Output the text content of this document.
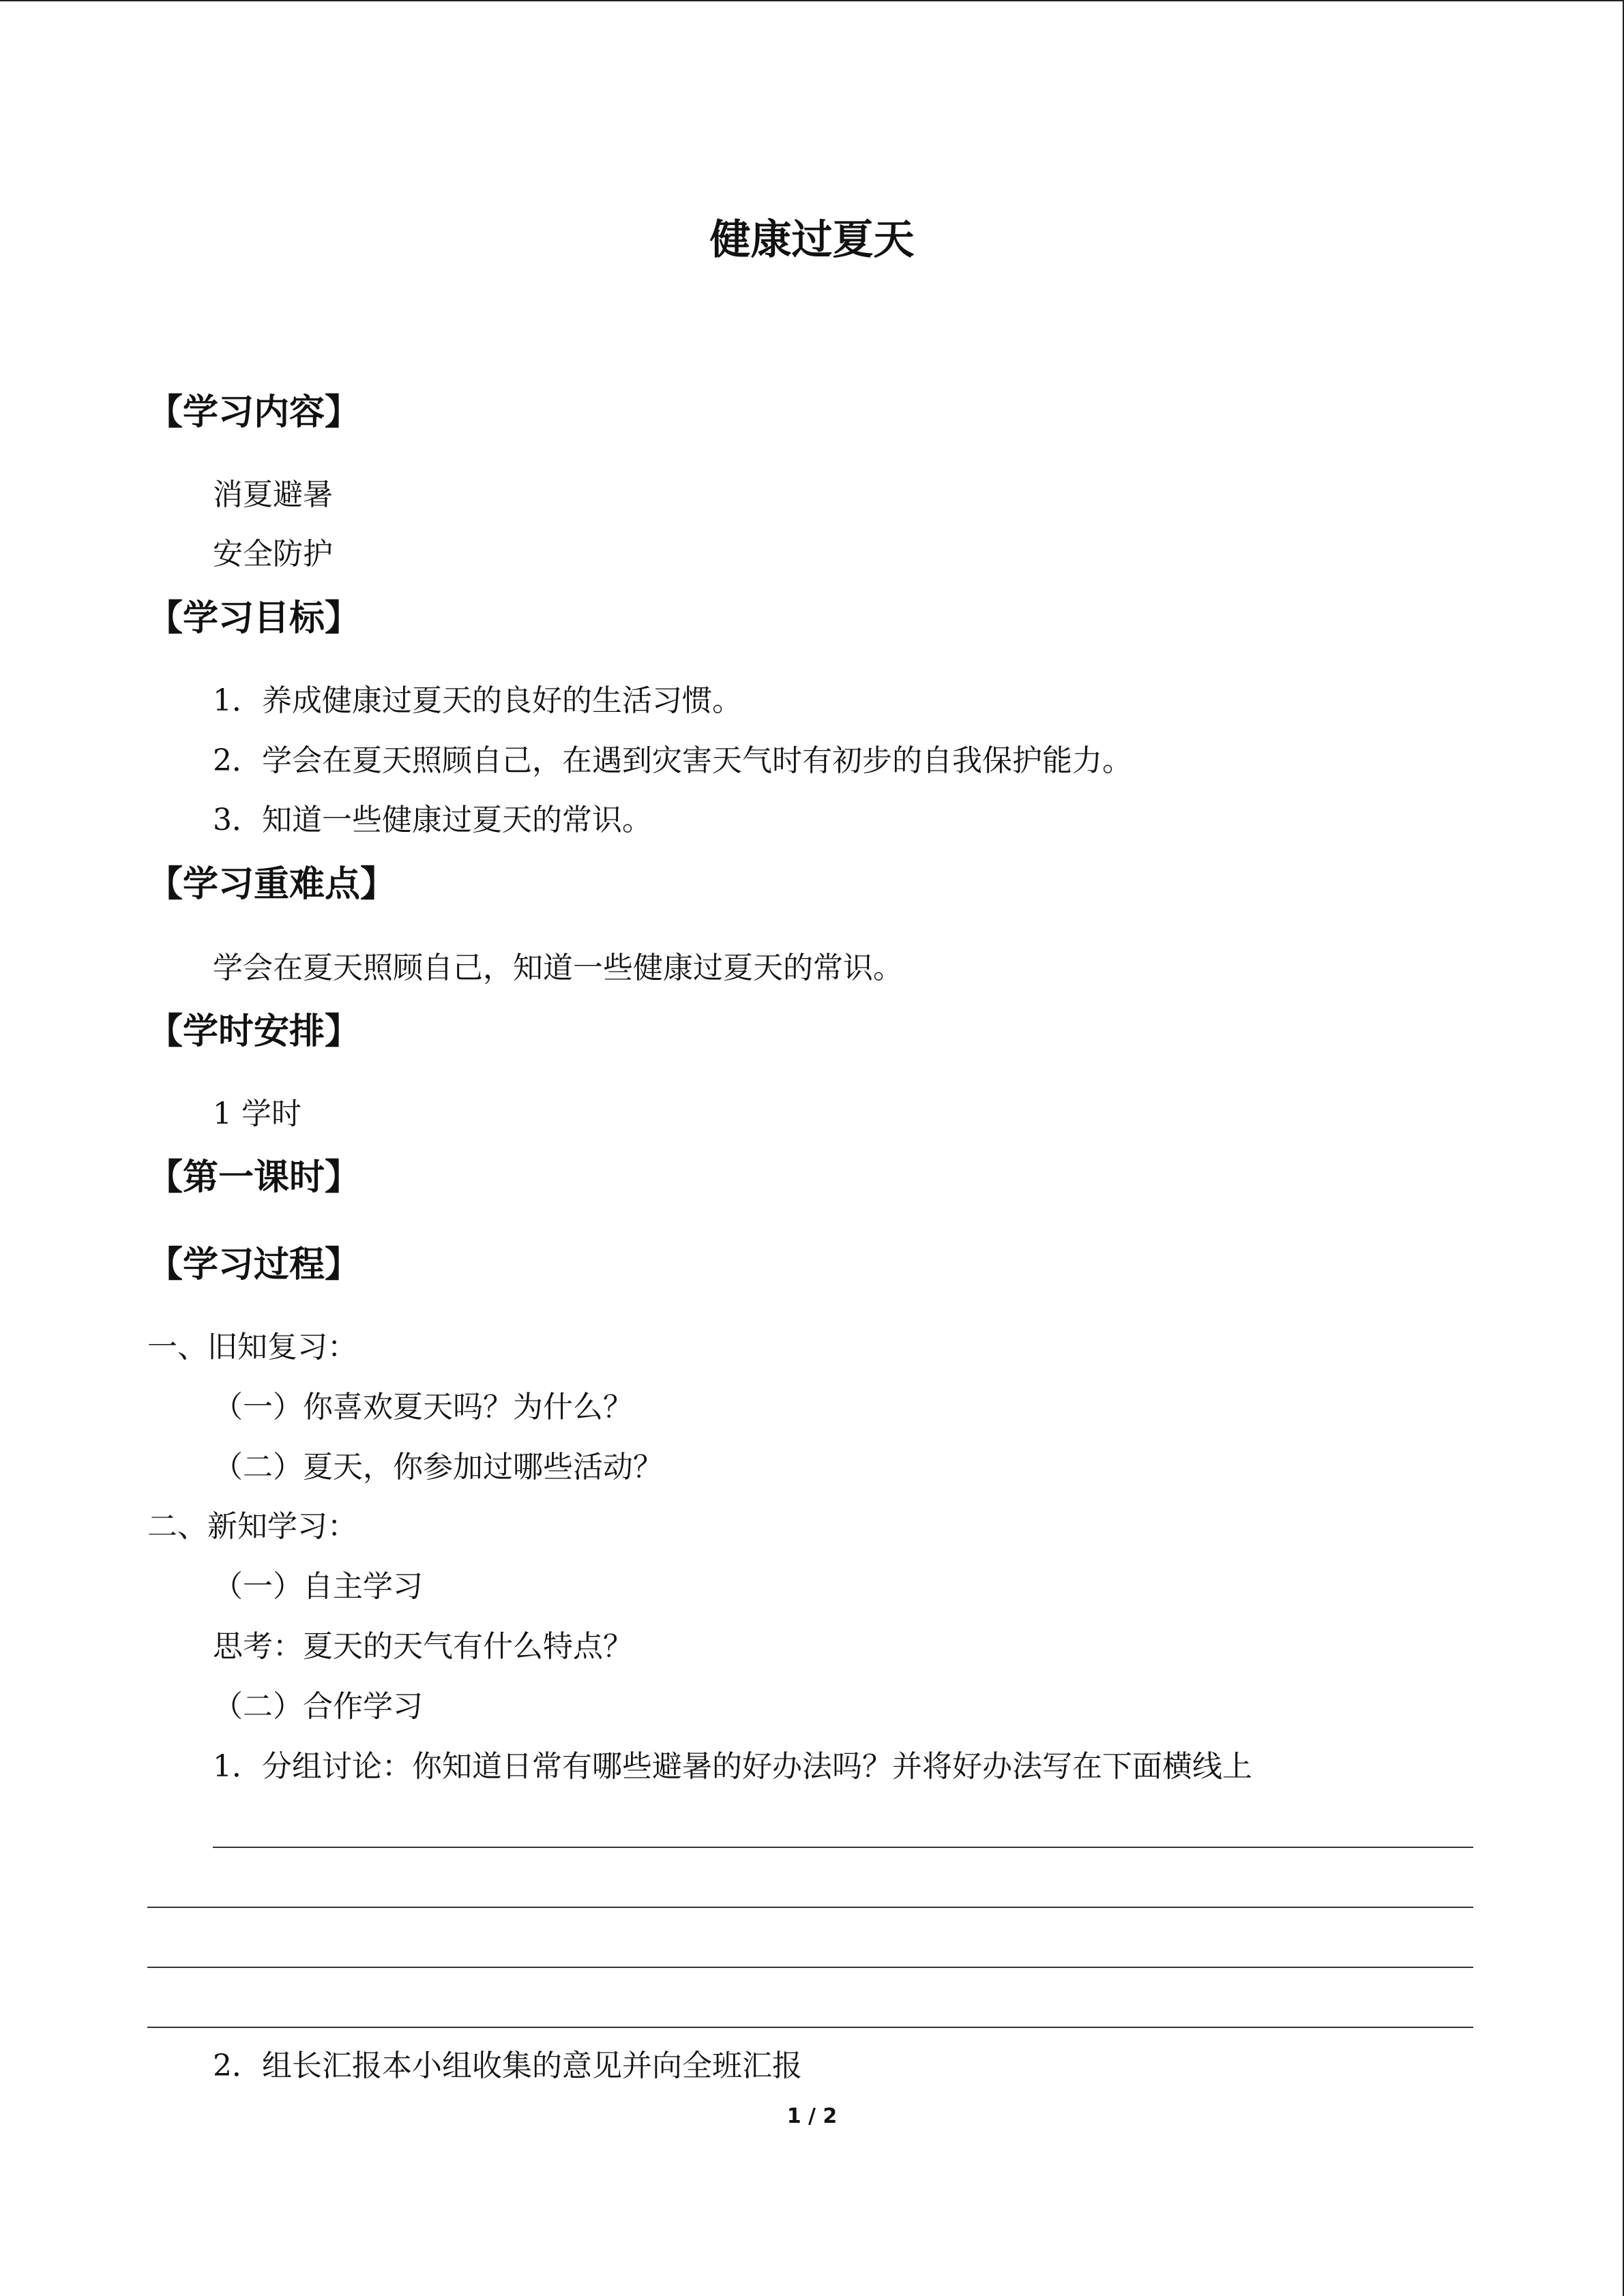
健康过夏天
【学习内容】
消夏避暑
安全防护
【学习目标】
1．养成健康过夏天的良好的生活习惯。
2．学会在夏天照顾自己，在遇到灾害天气时有初步的自我保护能力。
3．知道一些健康过夏天的常识。
【学习重难点】
学会在夏天照顾自己，知道一些健康过夏天的常识。
【学时安排】
1 学时
【第一课时】
【学习过程】
一、旧知复习：
（一）你喜欢夏天吗？为什么？
（二）夏天，你参加过哪些活动？
二、新知学习：
（一）自主学习
思考：夏天的天气有什么特点？
（二）合作学习
1．分组讨论：你知道日常有哪些避暑的好办法吗？并将好办法写在下面横线上
2．组长汇报本小组收集的意见并向全班汇报
1 / 2
